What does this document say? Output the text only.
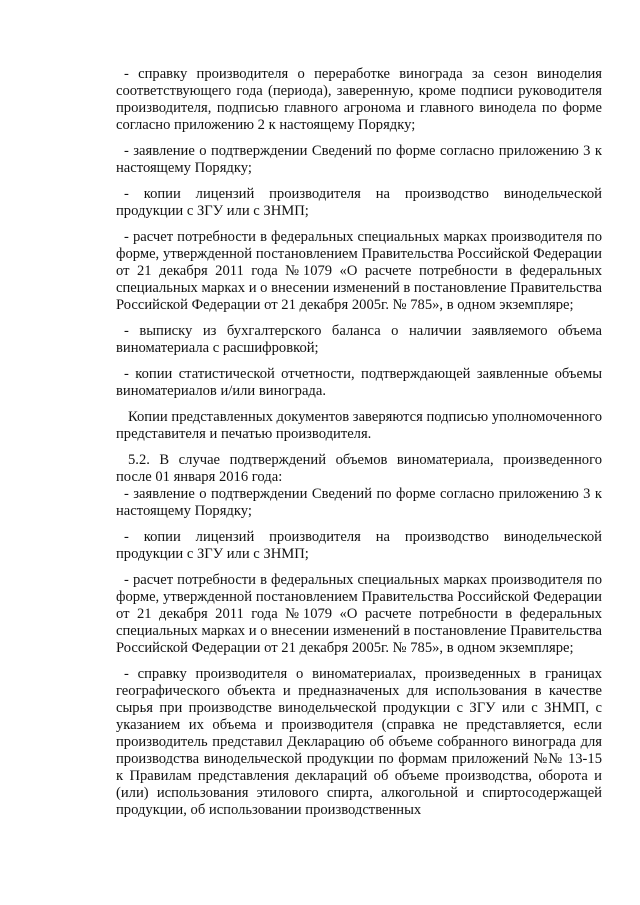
- справку производителя о переработке винограда за сезон виноделия соответствующего года (периода), заверенную, кроме подписи руководителя производителя, подписью главного агронома и главного винодела по форме согласно приложению 2 к настоящему Порядку;

- заявление о подтверждении Сведений по форме согласно приложению 3 к настоящему Порядку;

- копии лицензий производителя на производство винодельческой продукции с ЗГУ или с ЗНМП;

- расчет потребности в федеральных специальных марках производителя по форме, утвержденной постановлением Правительства Российской Федерации от 21 декабря 2011 года №1079 «О расчете потребности в федеральных специальных марках и о внесении изменений в постановление Правительства Российской Федерации от 21 декабря 2005г. № 785», в одном экземпляре;

- выписку из бухгалтерского баланса о наличии заявляемого объема виноматериала с расшифровкой;

- копии статистической отчетности, подтверждающей заявленные объемы виноматериалов и/или винограда.

Копии представленных документов заверяются подписью уполномоченного представителя и печатью производителя.

5.2. В случае подтверждений объемов виноматериала, произведенного после 01 января 2016 года:

- заявление о подтверждении Сведений по форме согласно приложению 3 к настоящему Порядку;

- копии лицензий производителя на производство винодельческой продукции с ЗГУ или с ЗНМП;

- расчет потребности в федеральных специальных марках производителя по форме, утвержденной постановлением Правительства Российской Федерации от 21 декабря 2011 года №1079 «О расчете потребности в федеральных специальных марках и о внесении изменений в постановление Правительства Российской Федерации от 21 декабря 2005г. № 785», в одном экземпляре;

- справку производителя о виноматериалах, произведенных в границах географического объекта и предназначеных для использования в качестве сырья при производстве винодельческой продукции с ЗГУ или с ЗНМП, с указанием их объема и производителя (справка не представляется, если производитель представил Декларацию об объеме собранного винограда для производства винодельческой продукции по формам приложений №№ 13-15 к Правилам представления деклараций об объеме производства, оборота и (или) использования этилового спирта, алкогольной и спиртосодержащей продукции, об использовании производственных
